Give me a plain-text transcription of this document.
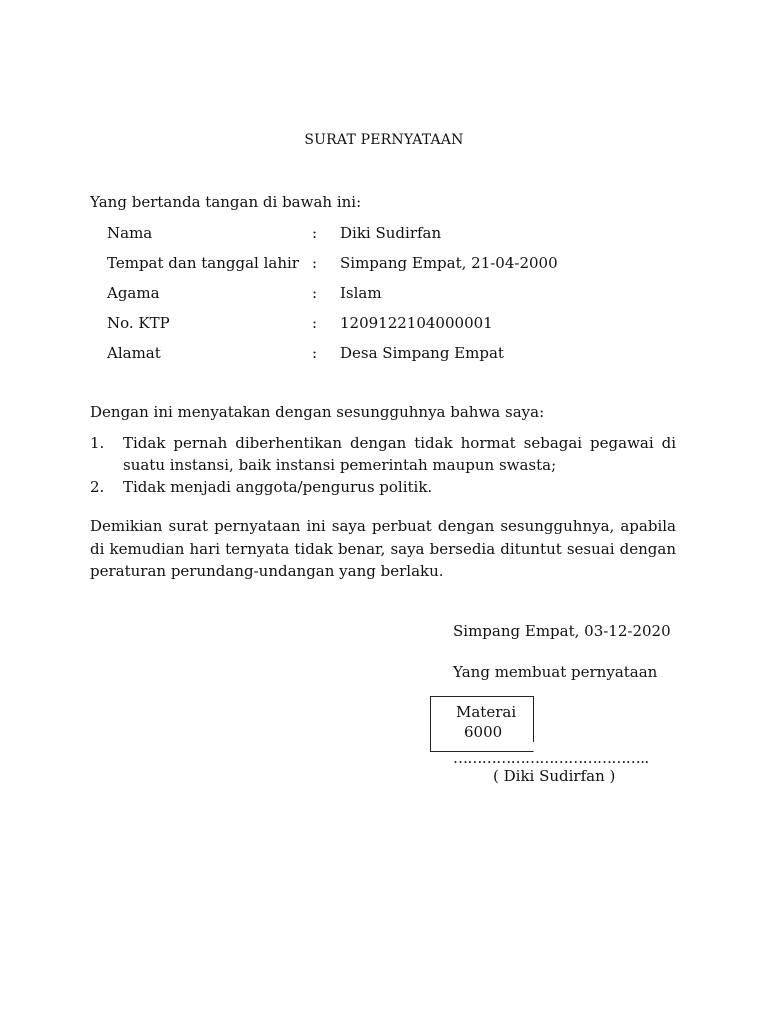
SURAT PERNYATAAN
Yang bertanda tangan di bawah ini:
Nama	: Diki Sudirfan
Tempat dan tanggal lahir : Simpang Empat, 21-04-2000
Agama	: Islam
No. KTP	: 1209122104000001
Alamat	: Desa Simpang Empat
Dengan ini menyatakan dengan sesungguhnya bahwa saya:
1. Tidak pernah diberhentikan dengan tidak hormat sebagai pegawai di suatu instansi, baik instansi pemerintah maupun swasta;
2. Tidak menjadi anggota/pengurus politik.
Demikian surat pernyataan ini saya perbuat dengan sesungguhnya, apabila di kemudian hari ternyata tidak benar, saya bersedia dituntut sesuai dengan peraturan perundang-undangan yang berlaku.
Simpang Empat, 03-12-2020
Yang membuat pernyataan
Materai
6000
…………………………………..
( Diki Sudirfan )
